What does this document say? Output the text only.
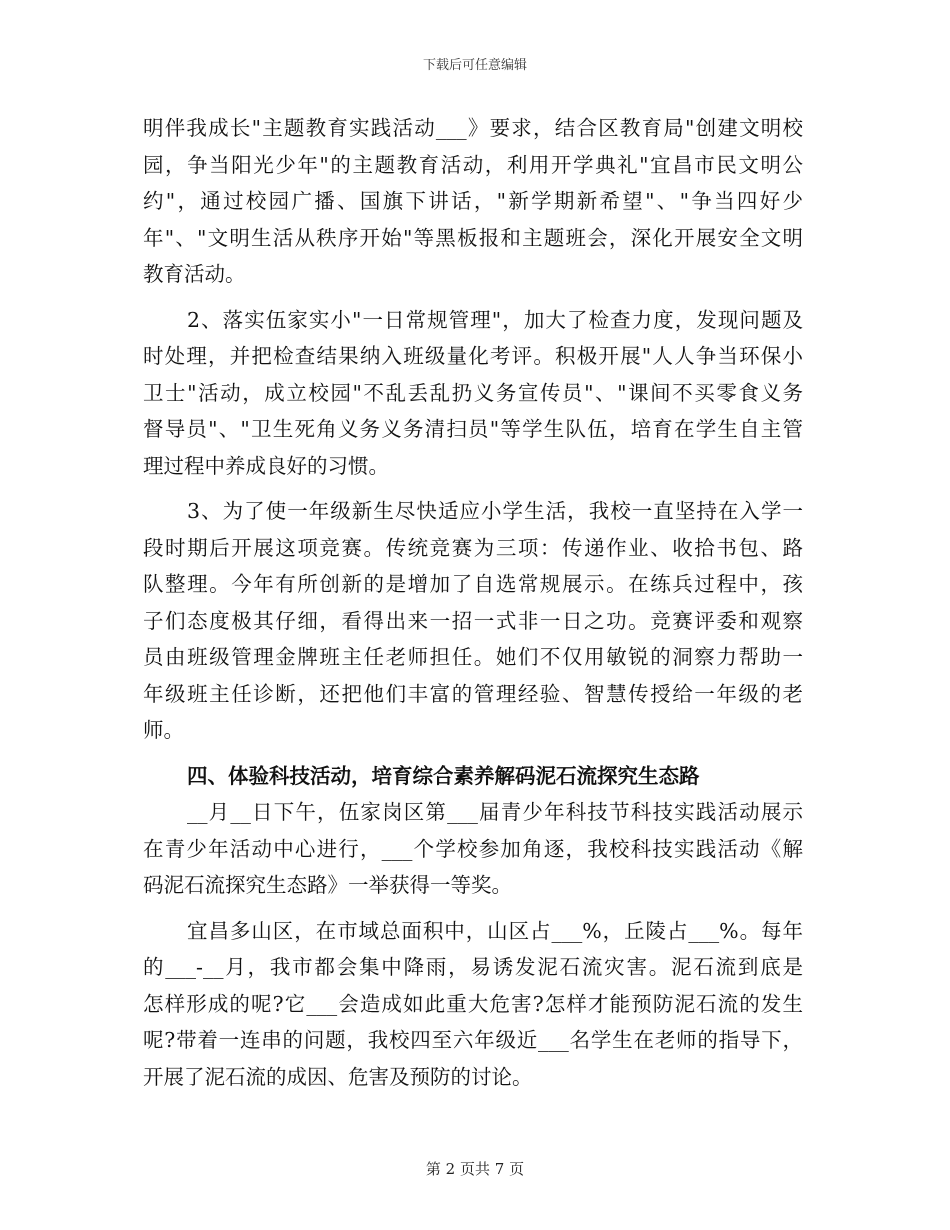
下载后可任意编辑
明伴我成长"主题教育实践活动___》要求，结合区教育局"创建文明校
园，争当阳光少年"的主题教育活动，利用开学典礼"宜昌市民文明公
约"，通过校园广播、国旗下讲话，"新学期新希望"、"争当四好少
年"、"文明生活从秩序开始"等黑板报和主题班会，深化开展安全文明
教育活动。
2、落实伍家实小"一日常规管理"，加大了检查力度，发现问题及
时处理，并把检查结果纳入班级量化考评。积极开展"人人争当环保小
卫士"活动，成立校园"不乱丢乱扔义务宣传员"、"课间不买零食义务
督导员"、"卫生死角义务义务清扫员"等学生队伍，培育在学生自主管
理过程中养成良好的习惯。
3、为了使一年级新生尽快适应小学生活，我校一直坚持在入学一
段时期后开展这项竞赛。传统竞赛为三项：传递作业、收拾书包、路
队整理。今年有所创新的是增加了自选常规展示。在练兵过程中，孩
子们态度极其仔细，看得出来一招一式非一日之功。竞赛评委和观察
员由班级管理金牌班主任老师担任。她们不仅用敏锐的洞察力帮助一
年级班主任诊断，还把他们丰富的管理经验、智慧传授给一年级的老
师。
四、体验科技活动，培育综合素养解码泥石流探究生态路
__月__日下午，伍家岗区第___届青少年科技节科技实践活动展示
在青少年活动中心进行，___个学校参加角逐，我校科技实践活动《解
码泥石流探究生态路》一举获得一等奖。
宜昌多山区，在市域总面积中，山区占___%，丘陵占___%。每年
的___-__月，我市都会集中降雨，易诱发泥石流灾害。泥石流到底是
怎样形成的呢?它___会造成如此重大危害?怎样才能预防泥石流的发生
呢?带着一连串的问题，我校四至六年级近___名学生在老师的指导下，
开展了泥石流的成因、危害及预防的讨论。
第 2 页共 7 页
